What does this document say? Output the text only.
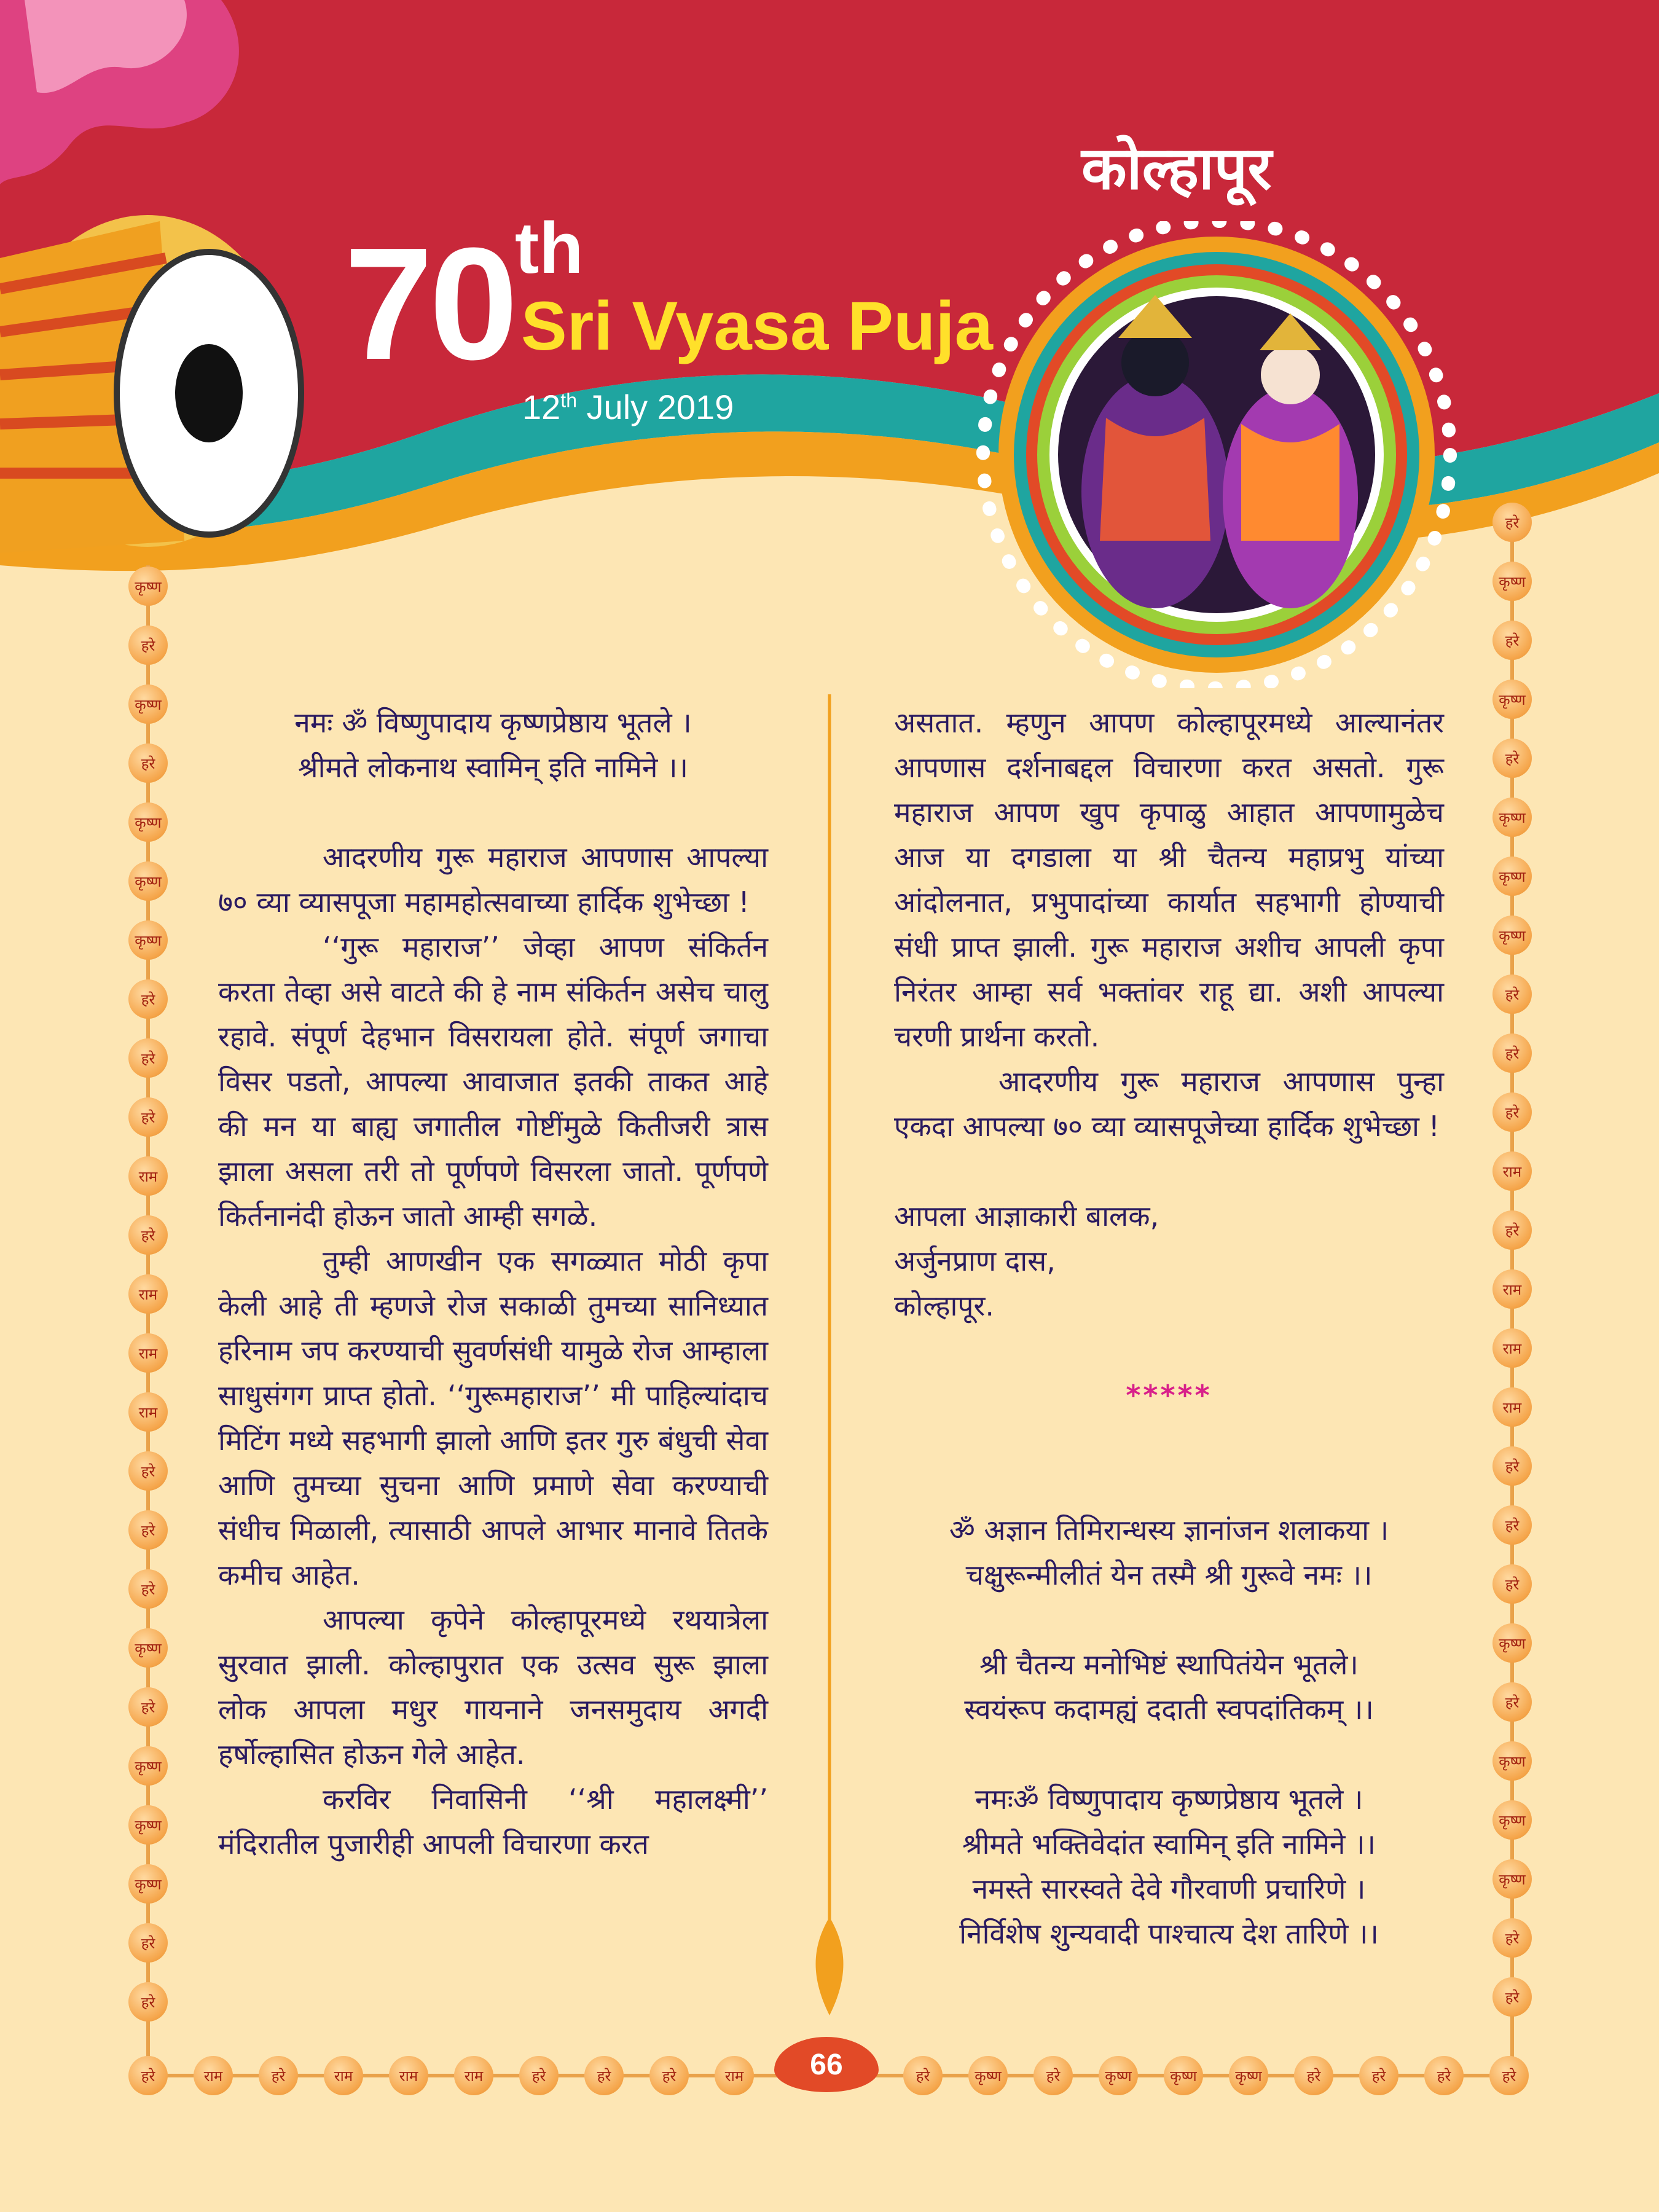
कोल्हापूर
70 th
Sri Vyasa Puja
12th July 2019

नमः ॐ विष्णुपादाय कृष्णप्रेष्ठाय भूतले ।

श्रीमते लोकनाथ स्वामिन् इति नामिने ।।

आदरणीय गुरू महाराज आपणास आपल्या ७० व्या व्यासपूजा महामहोत्सवाच्या हार्दिक शुभेच्छा !

‘‘गुरू महाराज’’ जेव्हा आपण संकिर्तन करता तेव्हा असे वाटते की हे नाम संकिर्तन असेच चालु रहावे. संपूर्ण देहभान विसरायला होते. संपूर्ण जगाचा विसर पडतो, आपल्या आवाजात इतकी ताकत आहे की मन या बाह्य जगातील गोष्टींमुळे कितीजरी त्रास झाला असला तरी तो पूर्णपणे विसरला जातो. पूर्णपणे किर्तनानंदी होऊन जातो आम्ही सगळे.

तुम्ही आणखीन एक सगळ्यात मोठी कृपा केली आहे ती म्हणजे रोज सकाळी तुमच्या सानिध्यात हरिनाम जप करण्याची सुवर्णसंधी यामुळे रोज आम्हाला साधुसंगग प्राप्त होतो. ‘‘गुरूमहाराज’’ मी पाहिल्यांदाच मिटिंग मध्ये सहभागी झालो आणि इतर गुरु बंधुची सेवा आणि तुमच्या सुचना आणि प्रमाणे सेवा करण्याची संधीच मिळाली, त्यासाठी आपले आभार मानावे तितके कमीच आहेत.

आपल्या कृपेने कोल्हापूरमध्ये रथयात्रेला सुरवात झाली. कोल्हापुरात एक उत्सव सुरू झाला लोक आपला मधुर गायनाने जनसमुदाय अगदी हर्षोल्हासित होऊन गेले आहेत.

करविर निवासिनी ‘‘श्री महालक्ष्मी’’ मंदिरातील पुजारीही आपली विचारणा करत

असतात. म्हणुन आपण कोल्हापूरमध्ये आल्यानंतर आपणास दर्शनाबद्दल विचारणा करत असतो. गुरू महाराज आपण खुप कृपाळु आहात आपणामुळेच आज या दगडाला या श्री चैतन्य महाप्रभु यांच्या आंदोलनात, प्रभुपादांच्या कार्यात सहभागी होण्याची संधी प्राप्त झाली. गुरू महाराज अशीच आपली कृपा निरंतर आम्हा सर्व भक्तांवर राहू द्या. अशी आपल्या चरणी प्रार्थना करतो.

आदरणीय गुरू महाराज आपणास पुन्हा एकदा आपल्या ७० व्या व्यासपूजेच्या हार्दिक शुभेच्छा !

आपला आज्ञाकारी बालक,

अर्जुनप्राण दास,

कोल्हापूर.

*****

ॐ अज्ञान तिमिरान्धस्य ज्ञानांजन शलाकया ।

चक्षुरून्मीलीतं येन तस्मै श्री गुरूवे नमः ।।

श्री चैतन्य मनोभिष्टं स्थापितंयेन भूतले।

स्वयंरूप कदामह्यं ददाती स्वपदांतिकम् ।।

नमःॐ विष्णुपादाय कृष्णप्रेष्ठाय भूतले ।

श्रीमते भक्तिवेदांत स्वामिन् इति नामिने ।।

नमस्ते सारस्वते देवे गौरवाणी प्रचारिणे ।

निर्विशेष शुन्यवादी पाश्चात्य देश तारिणे ।।

कृष्ण
हरे
कृष्ण
हरे
कृष्ण
कृष्ण
कृष्ण
हरे
हरे
हरे
राम
हरे
राम
राम
राम
हरे
हरे
हरे
कृष्ण
हरे
कृष्ण
कृष्ण
कृष्ण
हरे
हरे
हरे
कृष्ण
हरे
कृष्ण
हरे
कृष्ण
कृष्ण
कृष्ण
हरे
हरे
हरे
राम
हरे
राम
राम
राम
हरे
हरे
हरे
कृष्ण
हरे
कृष्ण
कृष्ण
कृष्ण
हरे
हरे
हरे	राम	हरे	राम	राम	राम	हरे	हरे	हरे	राम	हरे	कृष्ण	हरे	कृष्ण	कृष्ण	कृष्ण	हरे	हरे	हरे	हरे
66
